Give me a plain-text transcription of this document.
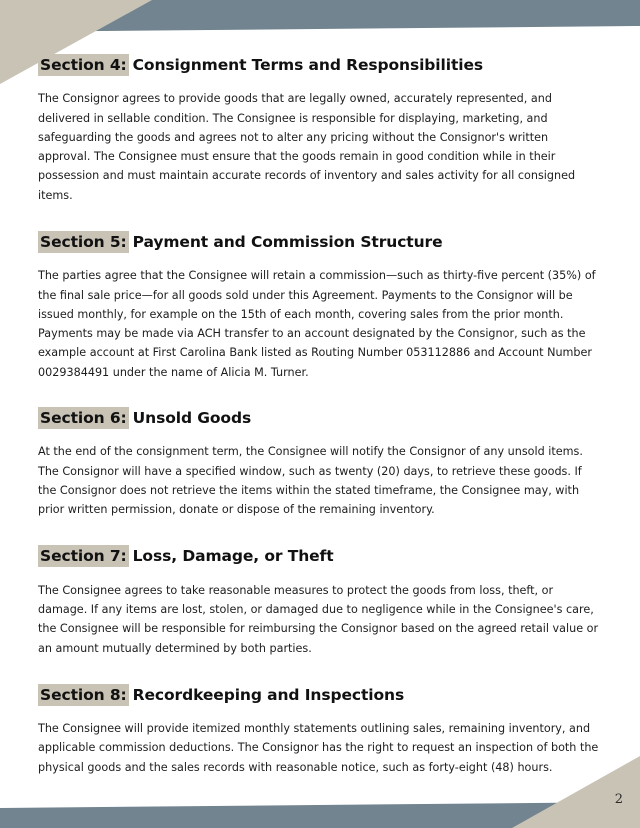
Section 4: Consignment Terms and Responsibilities

The Consignor agrees to provide goods that are legally owned, accurately represented, and delivered in sellable condition. The Consignee is responsible for displaying, marketing, and safeguarding the goods and agrees not to alter any pricing without the Consignor's written approval. The Consignee must ensure that the goods remain in good condition while in their possession and must maintain accurate records of inventory and sales activity for all consigned items.

Section 5: Payment and Commission Structure

The parties agree that the Consignee will retain a commission—such as thirty-five percent (35%) of the final sale price—for all goods sold under this Agreement. Payments to the Consignor will be issued monthly, for example on the 15th of each month, covering sales from the prior month. Payments may be made via ACH transfer to an account designated by the Consignor, such as the example account at First Carolina Bank listed as Routing Number 053112886 and Account Number 0029384491 under the name of Alicia M. Turner.

Section 6: Unsold Goods

At the end of the consignment term, the Consignee will notify the Consignor of any unsold items. The Consignor will have a specified window, such as twenty (20) days, to retrieve these goods. If the Consignor does not retrieve the items within the stated timeframe, the Consignee may, with prior written permission, donate or dispose of the remaining inventory.

Section 7: Loss, Damage, or Theft

The Consignee agrees to take reasonable measures to protect the goods from loss, theft, or damage. If any items are lost, stolen, or damaged due to negligence while in the Consignee's care, the Consignee will be responsible for reimbursing the Consignor based on the agreed retail value or an amount mutually determined by both parties.

Section 8: Recordkeeping and Inspections

The Consignee will provide itemized monthly statements outlining sales, remaining inventory, and applicable commission deductions. The Consignor has the right to request an inspection of both the physical goods and the sales records with reasonable notice, such as forty-eight (48) hours.

2
